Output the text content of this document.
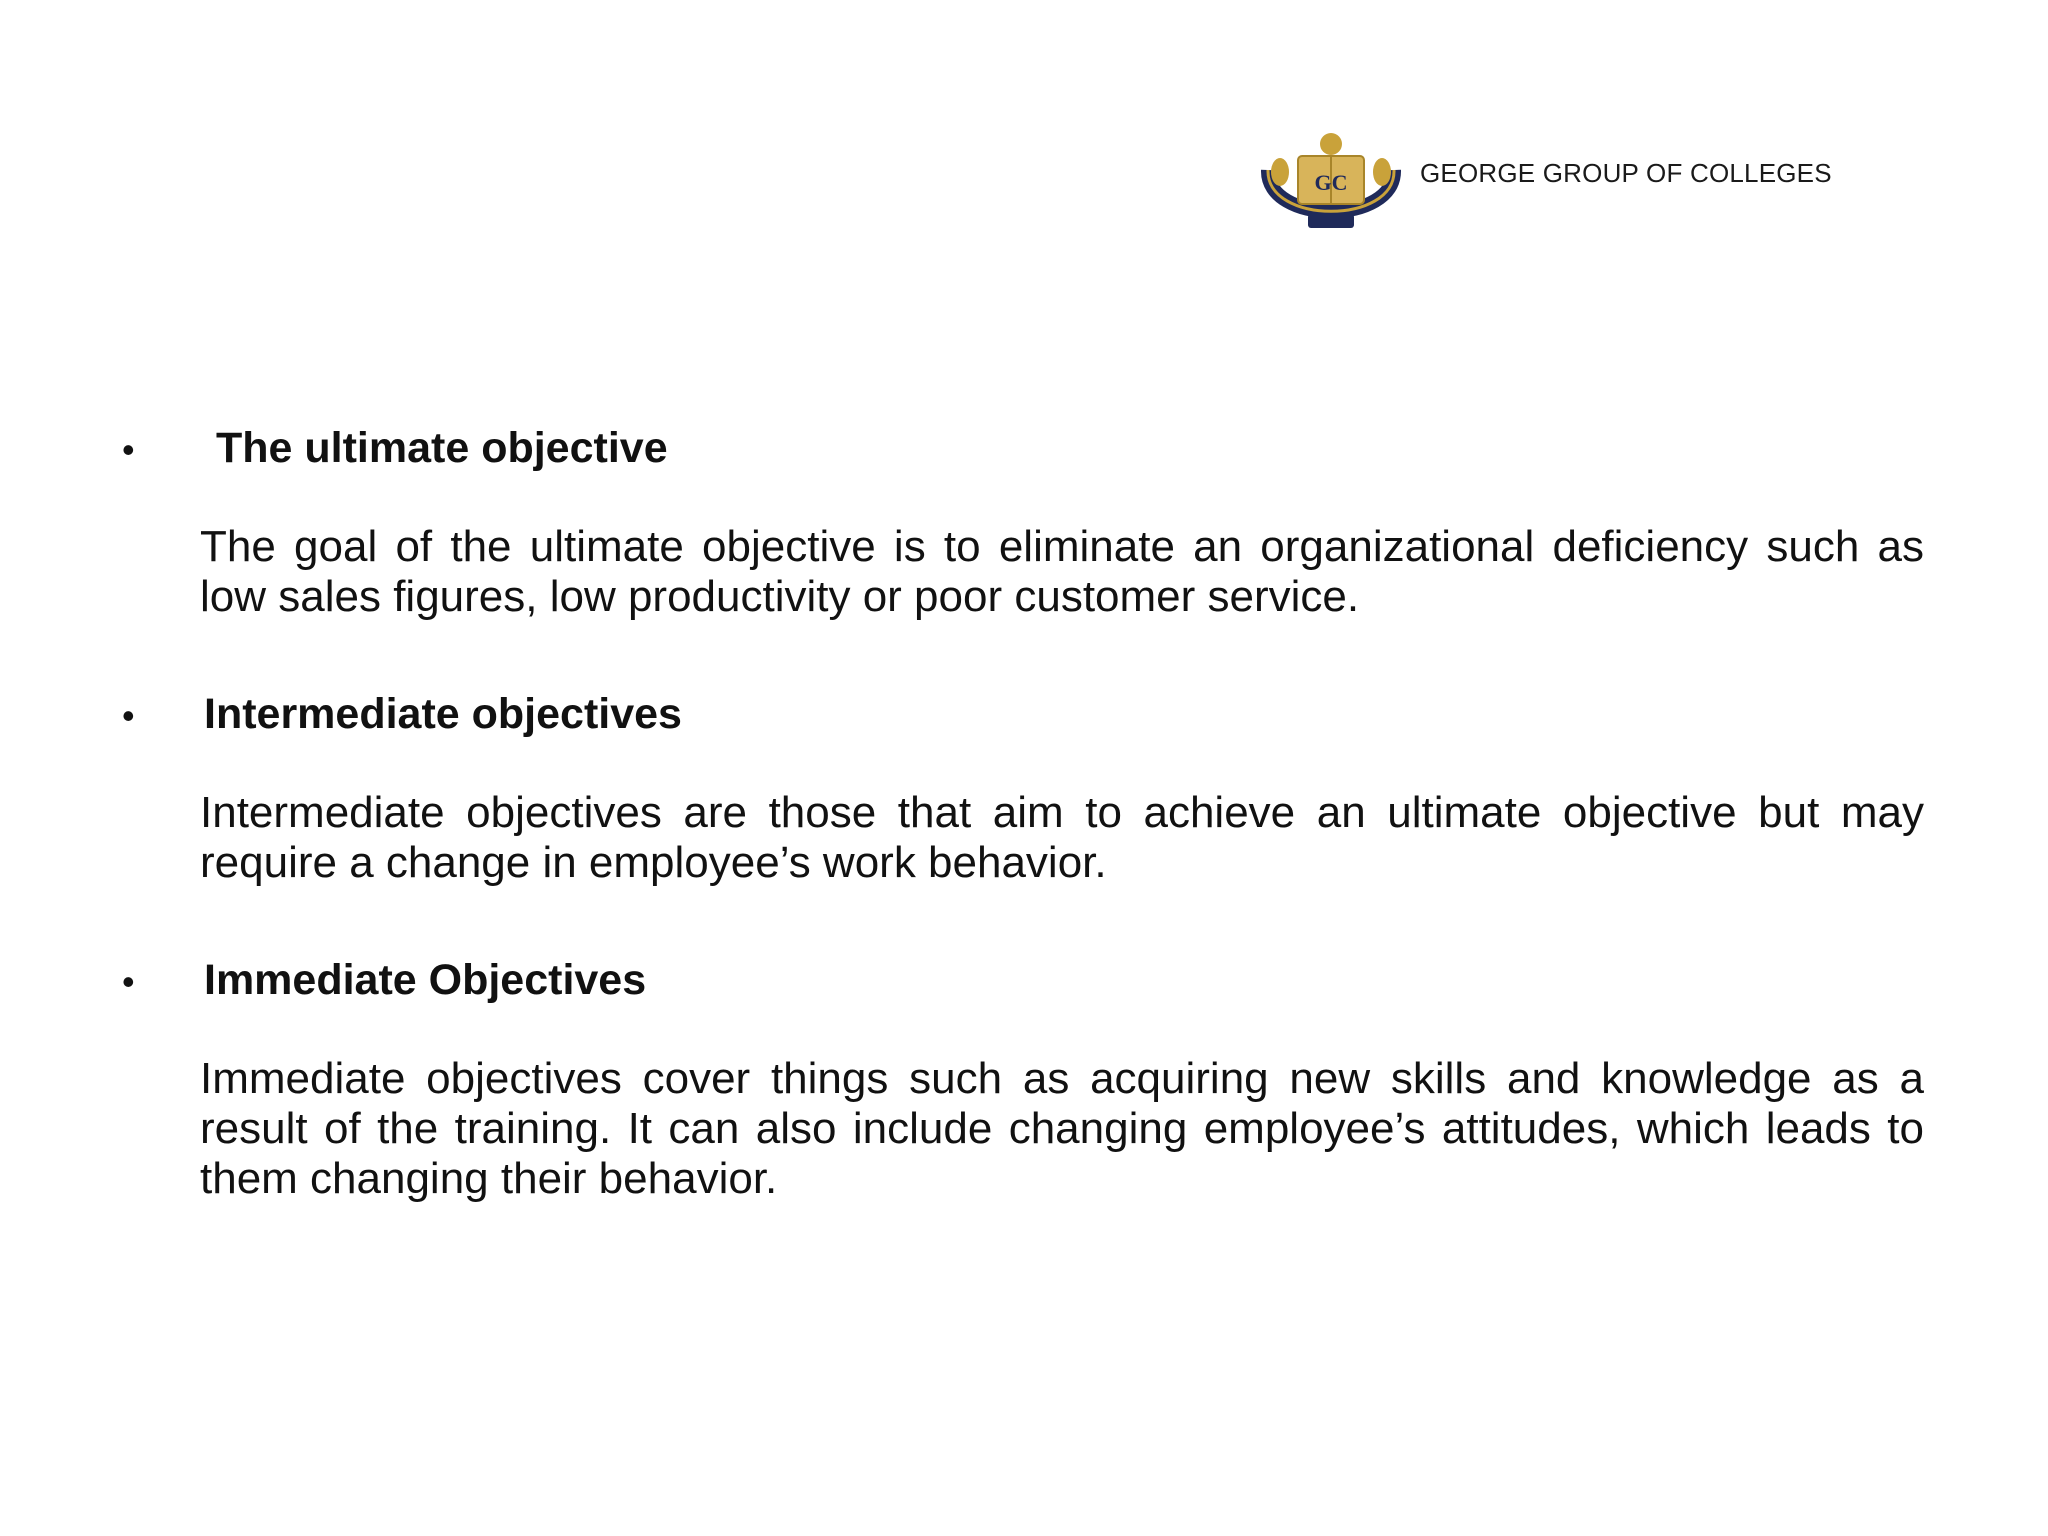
GC	GEORGE GROUP OF COLLEGES
•	The ultimate objective
The goal of the ultimate objective is to eliminate an organizational deficiency such as low sales figures, low productivity or poor customer service.
•	Intermediate objectives
Intermediate objectives are those that aim to achieve an ultimate objective but may require a change in employee’s work behavior.
•	Immediate Objectives
Immediate objectives cover things such as acquiring new skills and knowledge as a result of the training. It can also include changing employee’s attitudes, which leads to them changing their behavior.
